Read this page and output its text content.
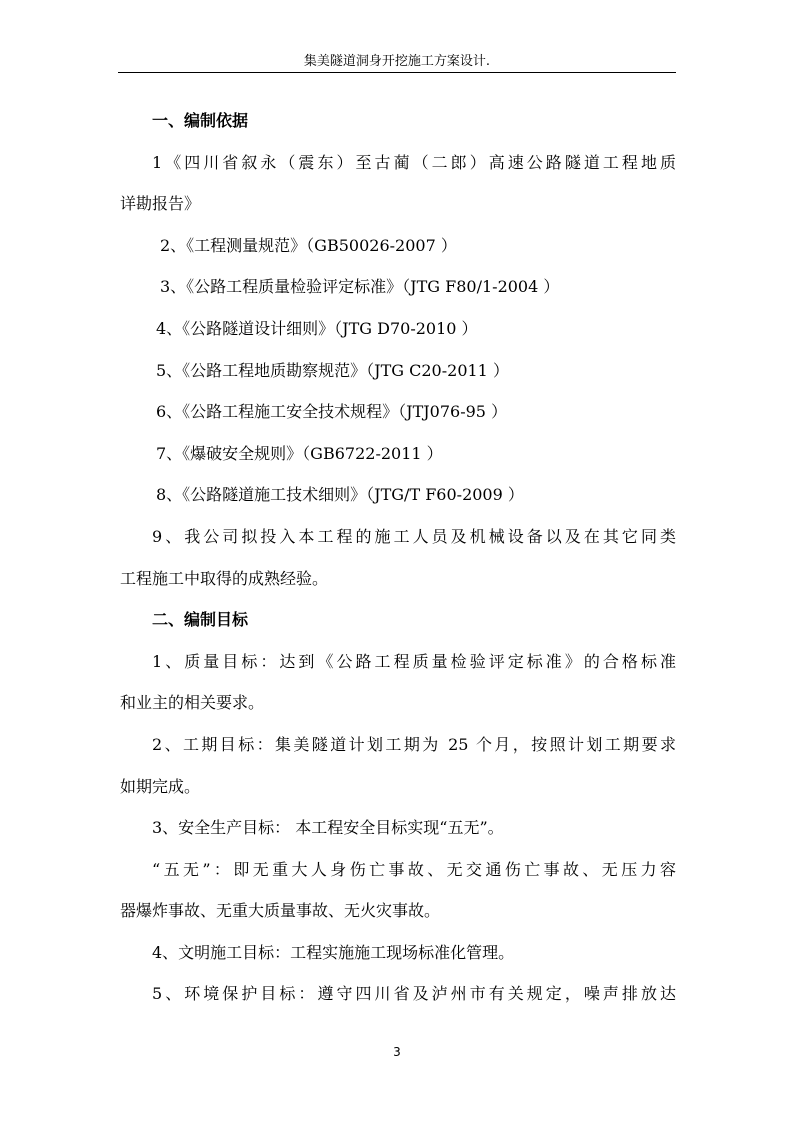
集美隧道洞身开挖施工方案设计.
一、编制依据
1《四川省叙永（震东）至古蔺（二郎）高速公路隧道工程地质
详勘报告》
2、《工程测量规范》（GB50026-2007 ）
3、《公路工程质量检验评定标准》（JTG F80/1-2004 ）
4、《公路隧道设计细则》（JTG D70-2010 ）
5、《公路工程地质勘察规范》（JTG C20-2011 ）
6、《公路工程施工安全技术规程》（JTJ076-95 ）
7、《爆破安全规则》（GB6722-2011 ）
8、《公路隧道施工技术细则》（JTG/T F60-2009 ）
9、我公司拟投入本工程的施工人员及机械设备以及在其它同类
工程施工中取得的成熟经验。
二、编制目标
1、质量目标：达到《公路工程质量检验评定标准》的合格标准
和业主的相关要求。
2、工期目标：集美隧道计划工期为 25 个月，按照计划工期要求
如期完成。
3、安全生产目标： 本工程安全目标实现“五无”。
“五无”：即无重大人身伤亡事故、无交通伤亡事故、无压力容
器爆炸事故、无重大质量事故、无火灾事故。
4、文明施工目标：工程实施施工现场标准化管理。
5、环境保护目标：遵守四川省及泸州市有关规定，噪声排放达
3
